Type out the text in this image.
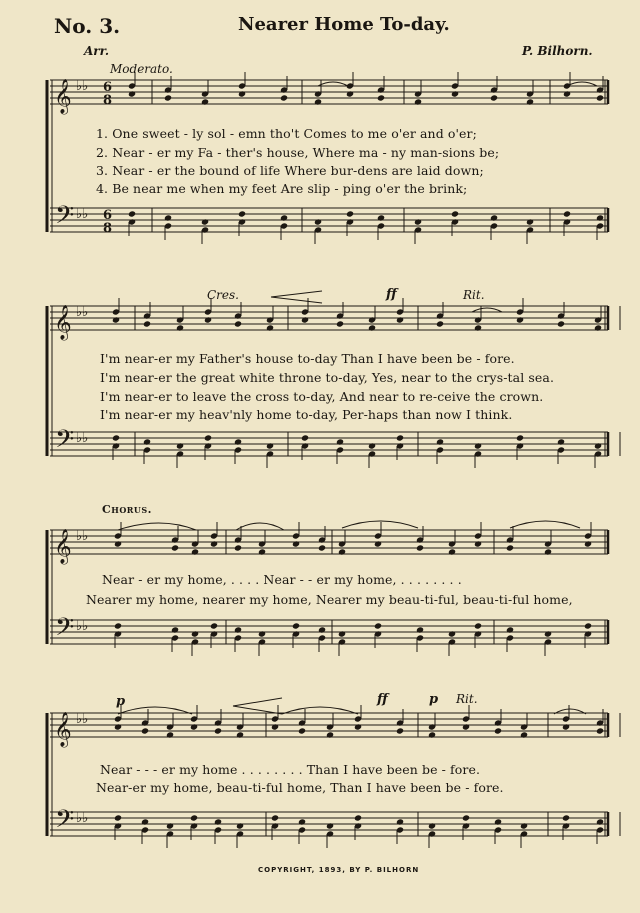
No. 3.	Nearer Home To-day.
Arr.	P. Bilhorn.
Moderato.
𝄞
𝄢
♭♭
♭♭
6
8
6
8
𝄞
𝄢
♭♭
♭♭
𝄞
𝄢
♭♭
♭♭
𝄞
𝄢
♭♭
♭♭
1. One sweet - ly sol - emn tho't Comes to me o'er and o'er;
2. Near - er my Fa - ther's house, Where ma - ny man-sions be;
3. Near - er the bound of life Where bur-dens are laid down;
4. Be near me when my feet Are slip - ping o'er the brink;
Cres.	ff	Rit.
I'm near-er my Father's house to-day Than I have been be - fore.
I'm near-er the great white throne to-day, Yes, near to the crys-tal sea.
I'm near-er to leave the cross to-day, And near to re-ceive the crown.
I'm near-er my heav'nly home to-day, Per-haps than now I think.
Chorus.
Near - er my home, . . . . Near - - er my home, . . . . . . . .
Nearer my home, nearer my home, Nearer my beau-ti-ful, beau-ti-ful home,
p	ff	p Rit.
Near - - - er my home . . . . . . . . Than I have been be - fore.
Near-er my home, beau-ti-ful home, Than I have been be - fore.
COPYRIGHT, 1893, BY P. BILHORN
